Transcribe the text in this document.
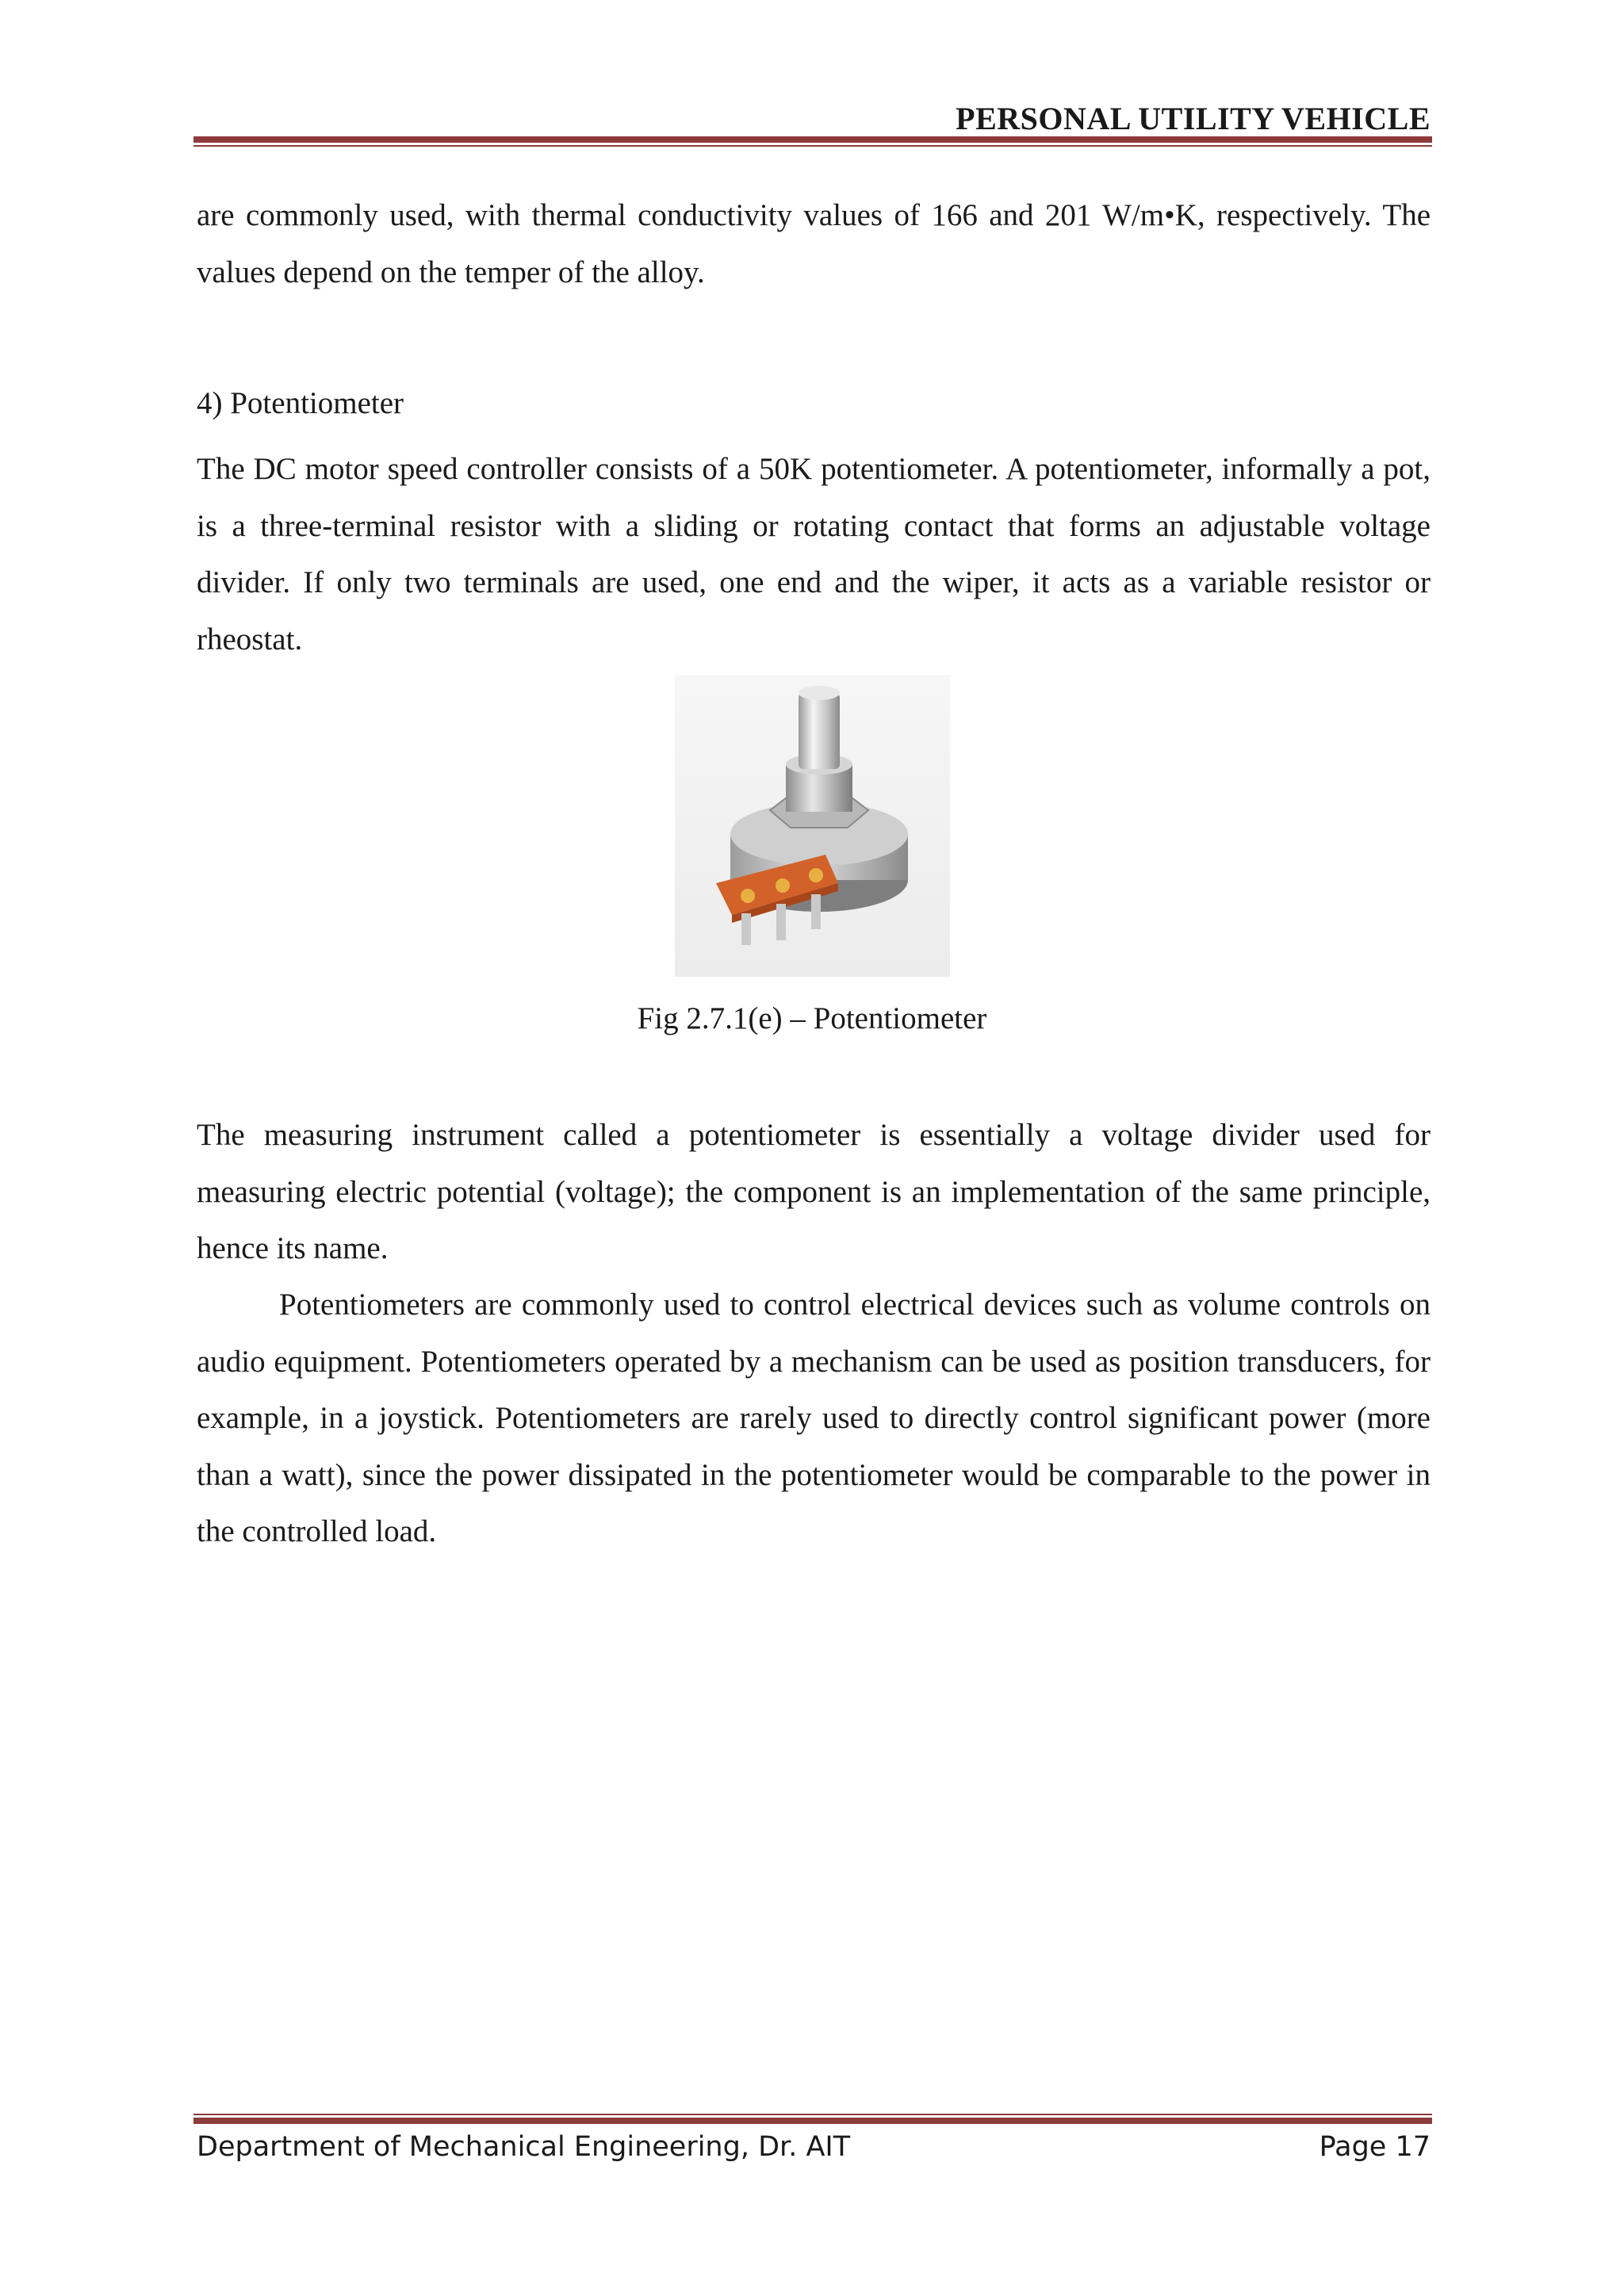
PERSONAL UTILITY VEHICLE
are commonly used, with thermal conductivity values of 166 and 201 W/m•K, respectively. The values depend on the temper of the alloy.
4) Potentiometer
The DC motor speed controller consists of a 50K potentiometer. A potentiometer, informally a pot, is a three-terminal resistor with a sliding or rotating contact that forms an adjustable voltage divider. If only two terminals are used, one end and the wiper, it acts as a variable resistor or rheostat.
Fig 2.7.1(e) – Potentiometer
The measuring instrument called a potentiometer is essentially a voltage divider used for measuring electric potential (voltage); the component is an implementation of the same principle, hence its name.
Potentiometers are commonly used to control electrical devices such as volume controls on audio equipment. Potentiometers operated by a mechanism can be used as position transducers, for example, in a joystick. Potentiometers are rarely used to directly control significant power (more than a watt), since the power dissipated in the potentiometer would be comparable to the power in the controlled load.
Department of Mechanical Engineering, Dr. AIT	Page 17
